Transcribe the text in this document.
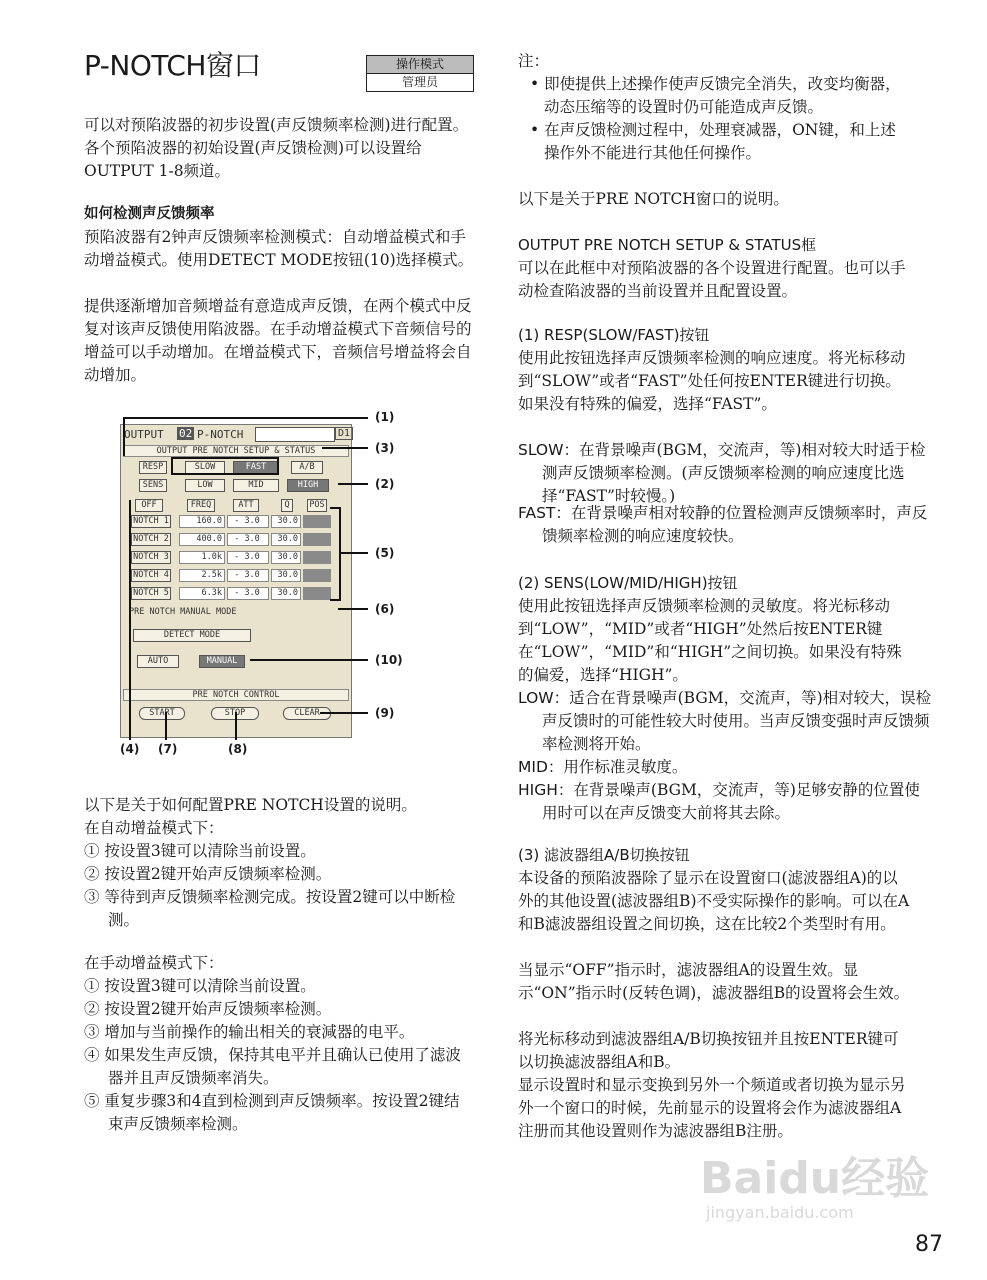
P-NOTCH窗口	操作模式
管理员

可以对预陷波器的初步设置(声反馈频率检测)进行配置。各个预陷波器的初始设置(声反馈检测)可以设置给OUTPUT 1-8频道。

如何检测声反馈频率

预陷波器有2钟声反馈频率检测模式：自动增益模式和手动增益模式。使用DETECT MODE按钮(10)选择模式。

提供逐渐增加音频增益有意造成声反馈，在两个模式中反复对该声反馈使用陷波器。在手动增益模式下音频信号的增益可以手动增加。在增益模式下，音频信号增益将会自动增加。

以下是关于如何配置PRE NOTCH设置的说明。

在自动增益模式下：

① 按设置3键可以清除当前设置。

② 按设置2键开始声反馈频率检测。

③ 等待到声反馈频率检测完成。按设置2键可以中断检测。

在手动增益模式下：

① 按设置3键可以清除当前设置。

② 按设置2键开始声反馈频率检测。

③ 增加与当前操作的输出相关的衰減器的电平。

④ 如果发生声反馈，保持其电平并且确认已使用了滤波器并且声反馈频率消失。

⑤ 重复步骤3和4直到检测到声反馈频率。按设置2键结束声反馈频率检测。

OUTPUT 02 P-NOTCH	D1
OUTPUT PRE NOTCH SETUP & STATUS
RESP	SLOW	FAST	A/B
SENS	LOW	MID	HIGH
OFF	FREQ	ATT	Q	POS
NOTCH 1	160.0	- 3.0	30.0
NOTCH 2	400.0	- 3.0	30.0
NOTCH 3	1.0k	- 3.0	30.0
NOTCH 4	2.5k	- 3.0	30.0
NOTCH 5	6.3k	- 3.0	30.0
PRE NOTCH MANUAL MODE
DETECT MODE
AUTO	MANUAL
PRE NOTCH CONTROL
START	STOP	CLEAR
(1)
(3)
(2)
(5)
(6)
(10)
(9)
(4) (7)	(8)

注：

• 即使提供上述操作使声反馈完全消失，改变均衡器，动态压缩等的设置时仍可能造成声反馈。

• 在声反馈检测过程中，处理衰减器，ON键，和上述操作外不能进行其他任何操作。

以下是关于PRE NOTCH窗口的说明。

OUTPUT PRE NOTCH SETUP & STATUS框

可以在此框中对预陷波器的各个设置进行配置。也可以手动检查陷波器的当前设置并且配置设置。

(1) RESP(SLOW/FAST)按钮

使用此按钮选择声反馈频率检测的响应速度。将光标移动到“SLOW”或者“FAST”处任何按ENTER键进行切换。如果没有特殊的偏爱，选择“FAST”。

SLOW：在背景噪声(BGM，交流声，等)相对较大时适于检测声反馈频率检测。(声反馈频率检测的响应速度比选择“FAST”时较慢。)

FAST：在背景噪声相对较静的位置检测声反馈频率时，声反馈频率检测的响应速度较快。

(2) SENS(LOW/MID/HIGH)按钮

使用此按钮选择声反馈频率检测的灵敏度。将光标移动到“LOW”，“MID”或者“HIGH”处然后按ENTER键在“LOW”，“MID”和“HIGH”之间切换。如果没有特殊的偏爱，选择“HIGH”。

LOW：适合在背景噪声(BGM，交流声，等)相对较大，误检声反馈时的可能性较大时使用。当声反馈变强时声反馈频率检测将开始。

MID：用作标准灵敏度。

HIGH：在背景噪声(BGM，交流声，等)足够安静的位置使用时可以在声反馈变大前将其去除。

(3) 滤波器组A/B切换按钮

本设备的预陷波器除了显示在设置窗口(滤波器组A)的以外的其他设置(滤波器组B)不受实际操作的影响。可以在A和B滤波器组设置之间切换，这在比较2个类型时有用。

当显示“OFF”指示时，滤波器组A的设置生效。显示“ON”指示时(反转色调)，滤波器组B的设置将会生效。

将光标移动到滤波器组A/B切换按钮并且按ENTER键可以切换滤波器组A和B。

显示设置时和显示变换到另外一个频道或者切换为显示另外一个窗口的时候，先前显示的设置将会作为滤波器组A注册而其他设置则作为滤波器组B注册。

Baidu经验
jingyan.baidu.com
87
